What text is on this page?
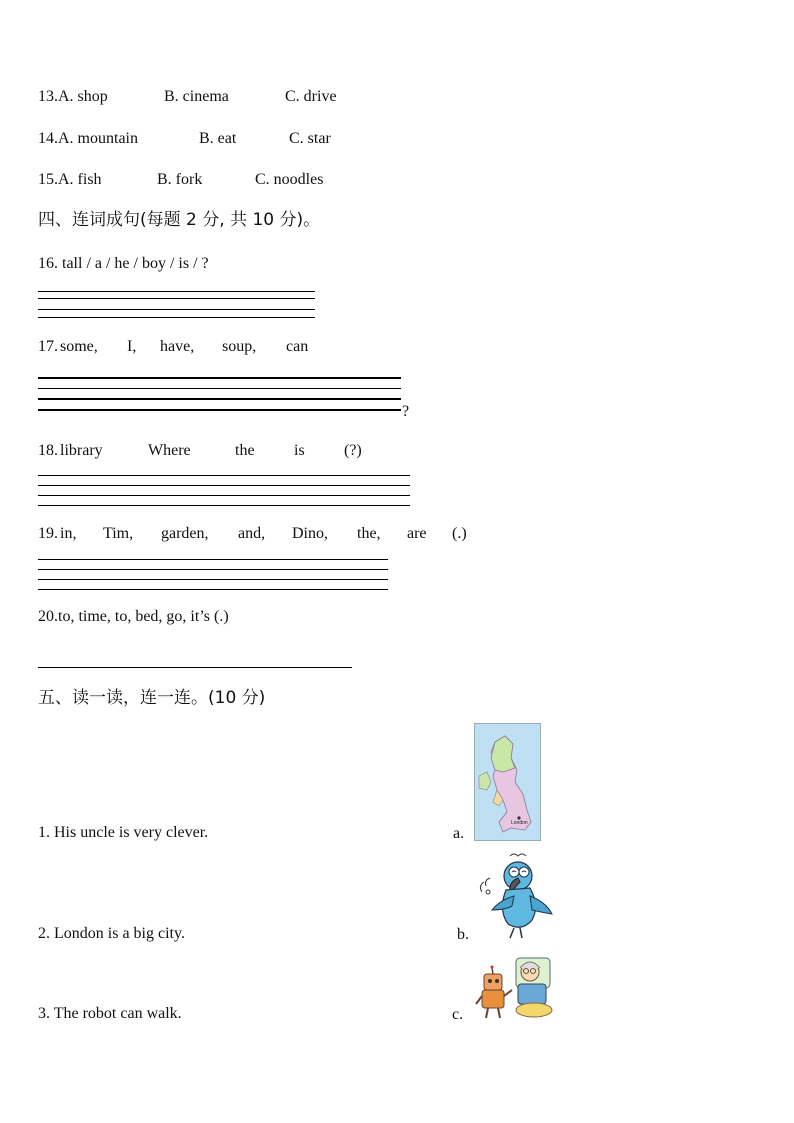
13.A. shop	B. cinema	C. drive
14.A. mountain	B. eat	C. star
15.A. fish	B. fork	C. noodles
四、连词成句(每题 2 分, 共 10 分)。
16. tall / a / he / boy / is / ?
17. some, I, have, soup, can
?
18. library	Where	the is (?)
19. in, Tim, garden, and, Dino, the, are (.)
20.to, time, to, bed, go, it’s (.)
五、读一读，连一连。(10 分)
1. His uncle is very clever.
2. London is a big city.
3. The robot can walk.
a.
b.
c.
London
